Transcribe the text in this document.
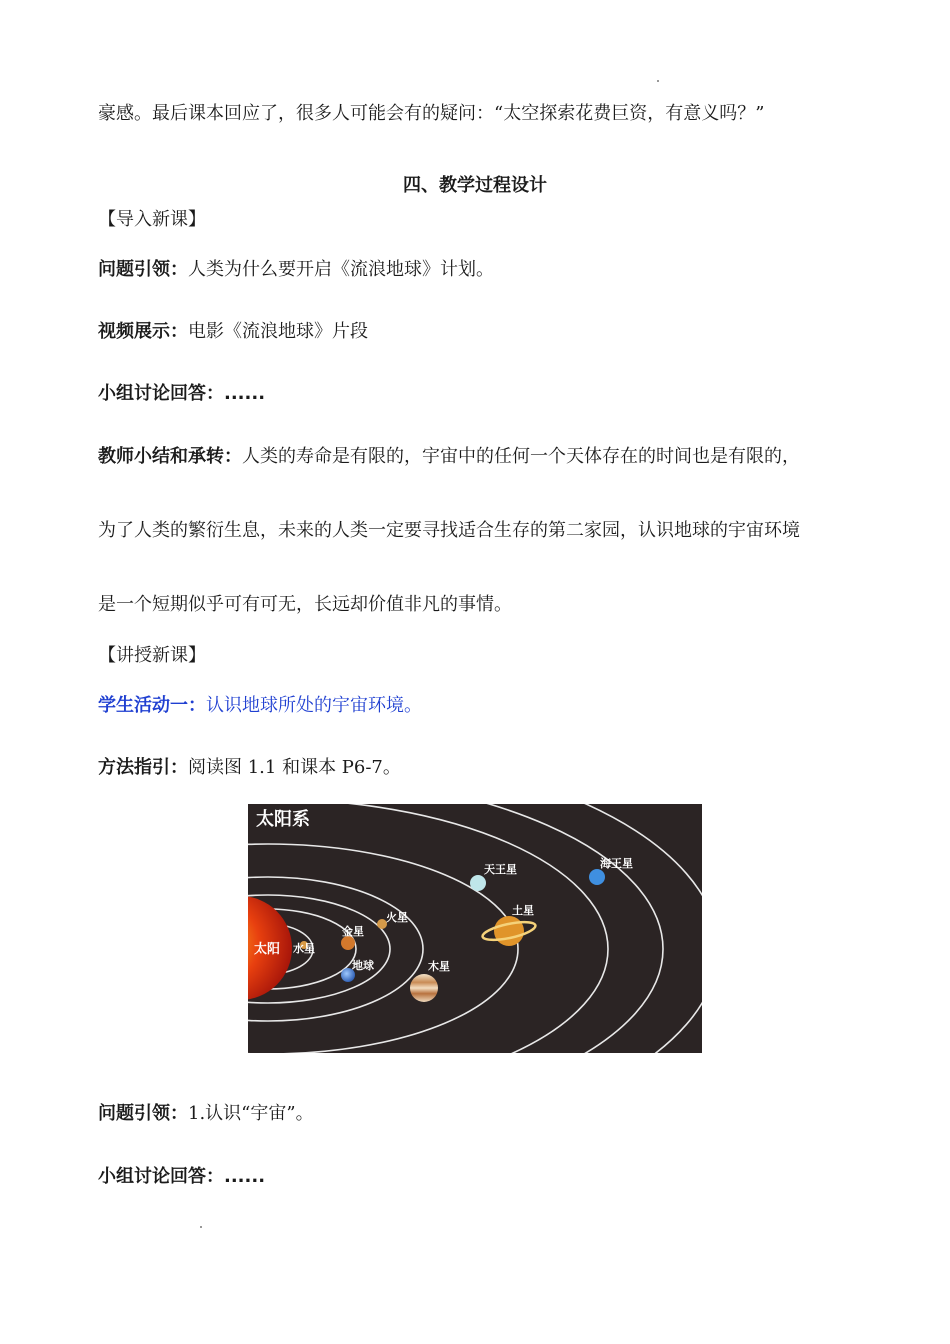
豪感。最后课本回应了，很多人可能会有的疑问：“太空探索花费巨资，有意义吗？”
四、教学过程设计
【导入新课】
问题引领：人类为什么要开启《流浪地球》计划。
视频展示：电影《流浪地球》片段
小组讨论回答：......
教师小结和承转：人类的寿命是有限的，宇宙中的任何一个天体存在的时间也是有限的，
为了人类的繁衍生息，未来的人类一定要寻找适合生存的第二家园，认识地球的宇宙环境
是一个短期似乎可有可无，长远却价值非凡的事情。
【讲授新课】
学生活动一：认识地球所处的宇宙环境。
方法指引：阅读图 1.1 和课本 P6-7。
太阳系
太阳 水星
金星
地球
火星
木星
土星
天王星	海王星
问题引领：1.认识“宇宙”。
小组讨论回答：......
